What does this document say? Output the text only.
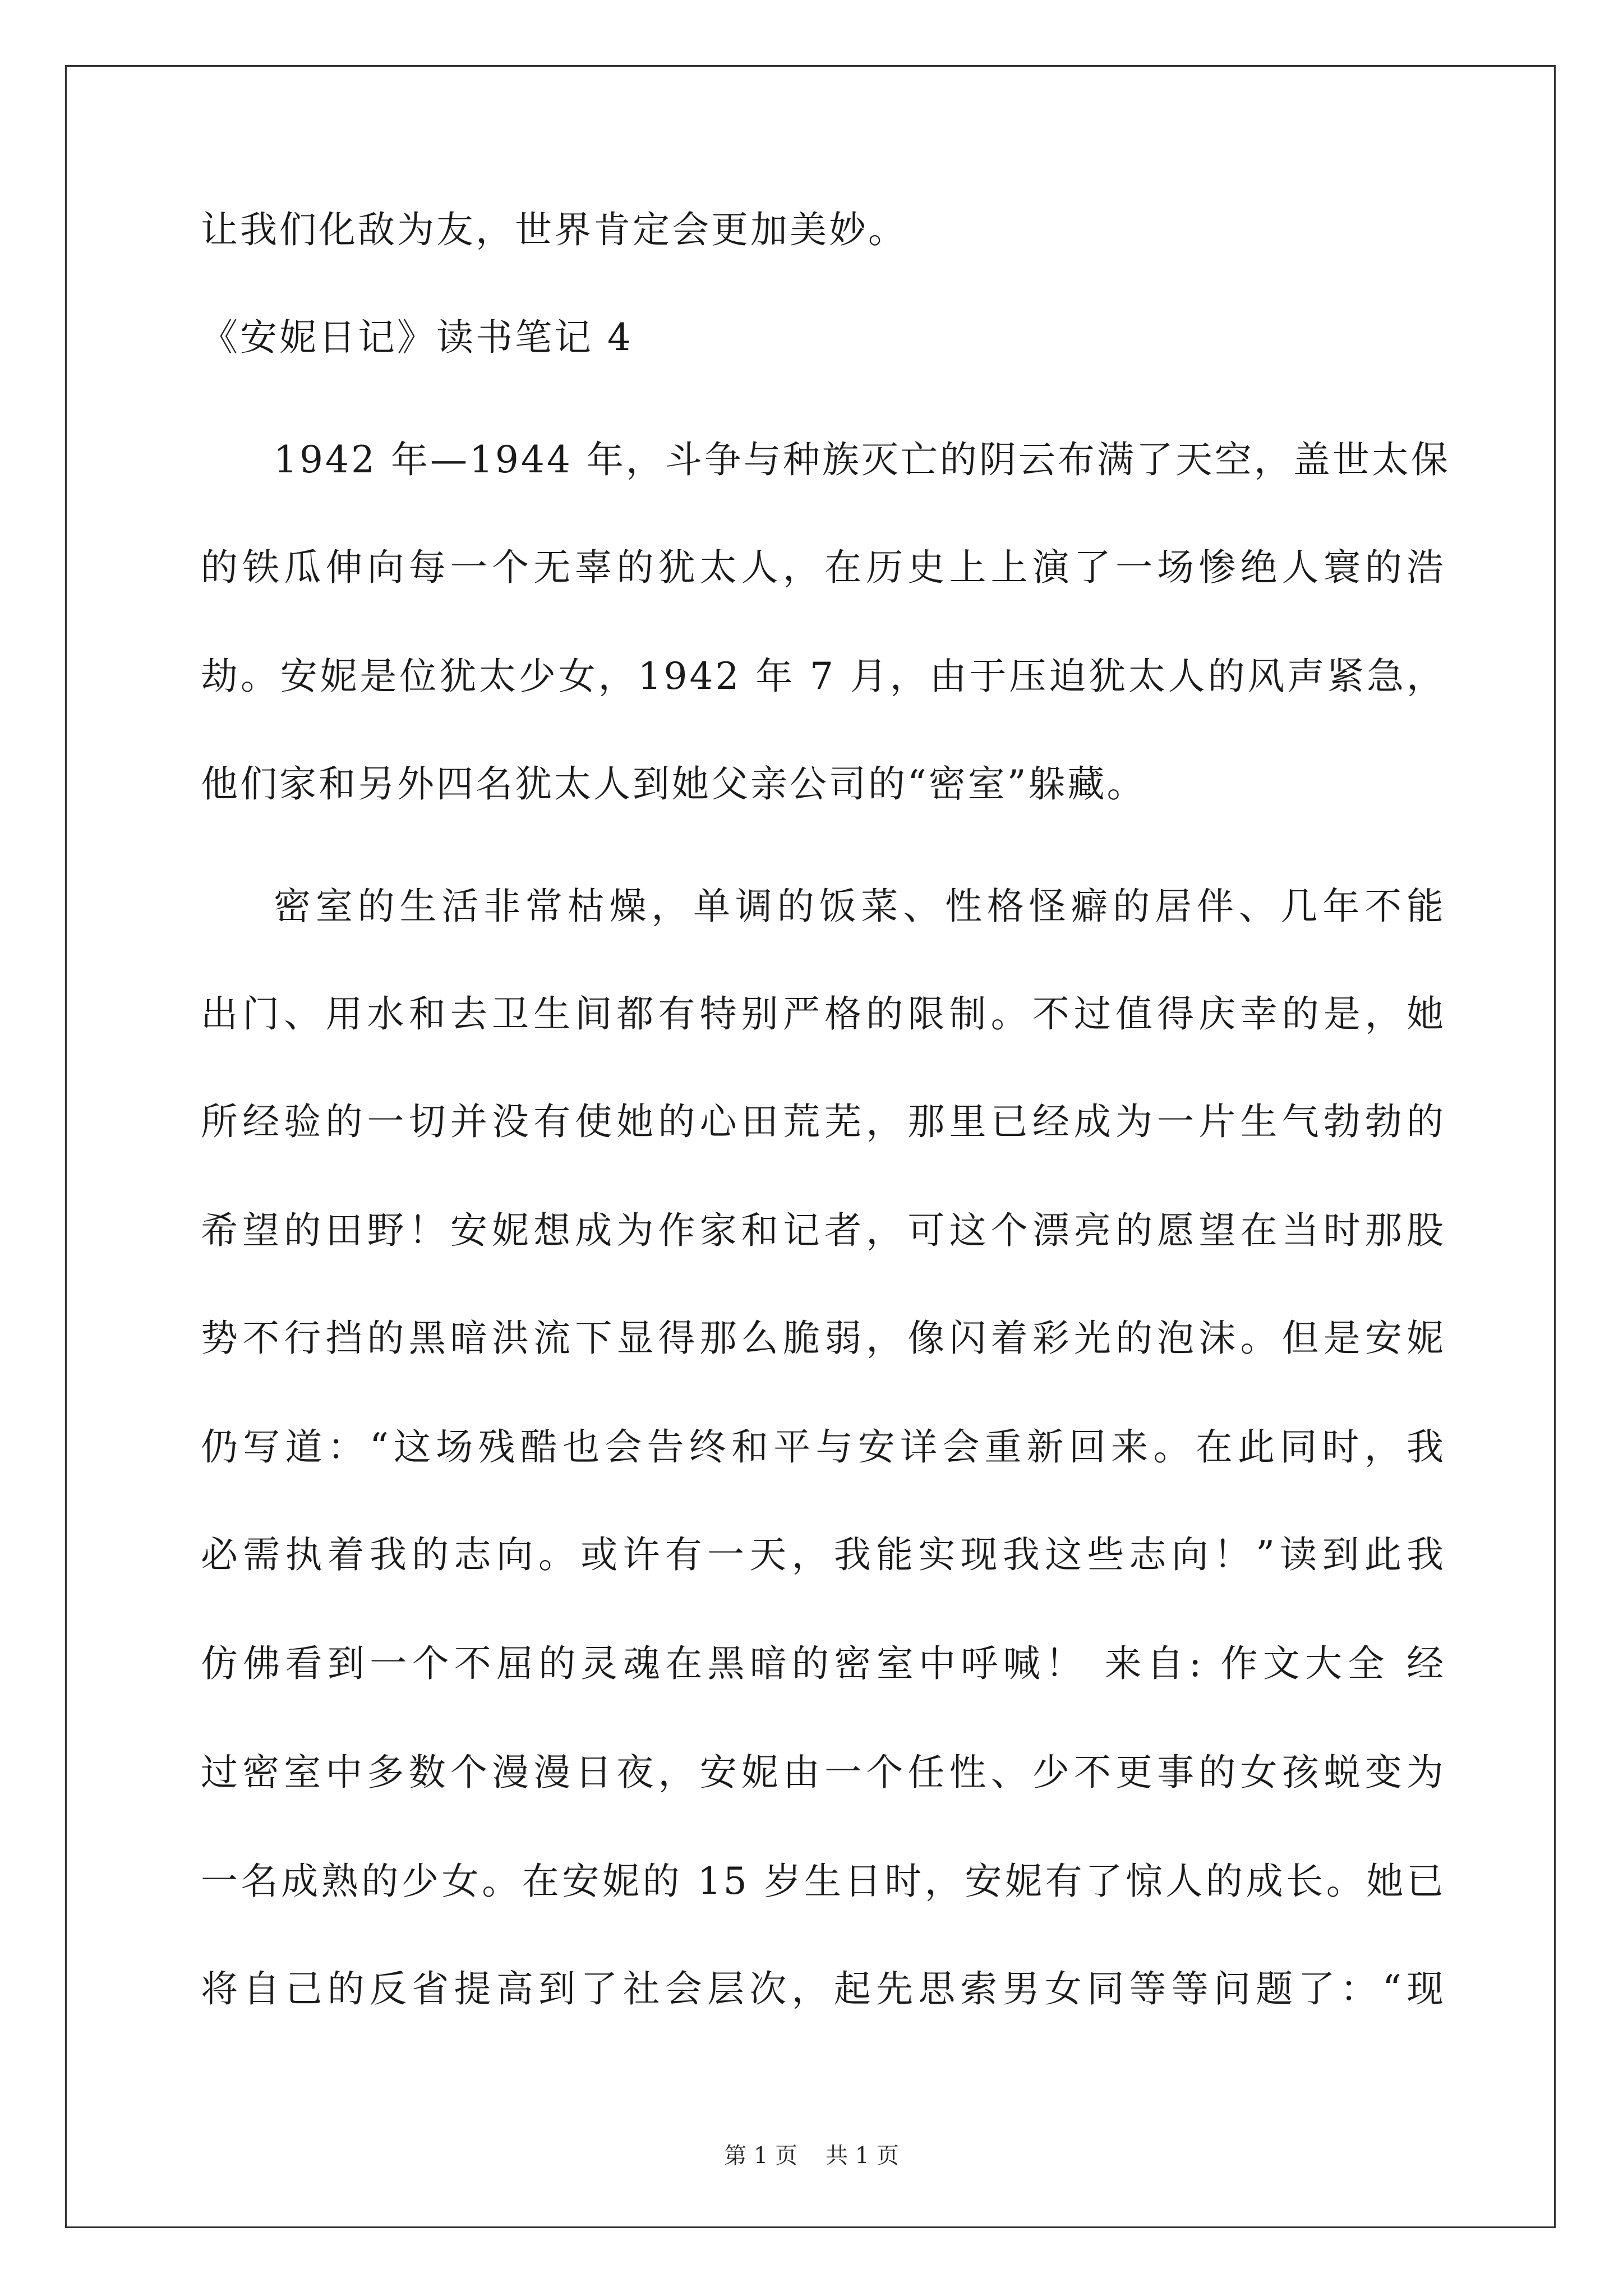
让我们化敌为友，世界肯定会更加美妙。

《安妮日记》读书笔记 4

1942 年—1944 年，斗争与种族灭亡的阴云布满了天空，盖世太保

的铁瓜伸向每一个无辜的犹太人，在历史上上演了一场惨绝人寰的浩

劫。安妮是位犹太少女，1942 年 7 月，由于压迫犹太人的风声紧急，

他们家和另外四名犹太人到她父亲公司的“密室”躲藏。

密室的生活非常枯燥，单调的饭菜、性格怪癖的居伴、几年不能

出门、用水和去卫生间都有特别严格的限制。不过值得庆幸的是，她

所经验的一切并没有使她的心田荒芜，那里已经成为一片生气勃勃的

希望的田野！安妮想成为作家和记者，可这个漂亮的愿望在当时那股

势不行挡的黑暗洪流下显得那么脆弱，像闪着彩光的泡沫。但是安妮

仍写道：“这场残酷也会告终和平与安详会重新回来。在此同时，我

必需执着我的志向。或许有一天，我能实现我这些志向！”读到此我

仿佛看到一个不屈的灵魂在黑暗的密室中呼喊！ 来自: 作文大全 经

过密室中多数个漫漫日夜，安妮由一个任性、少不更事的女孩蜕变为

一名成熟的少女。在安妮的 15 岁生日时，安妮有了惊人的成长。她已

将自己的反省提高到了社会层次，起先思索男女同等等问题了：“现

第 1 页 共 1 页
